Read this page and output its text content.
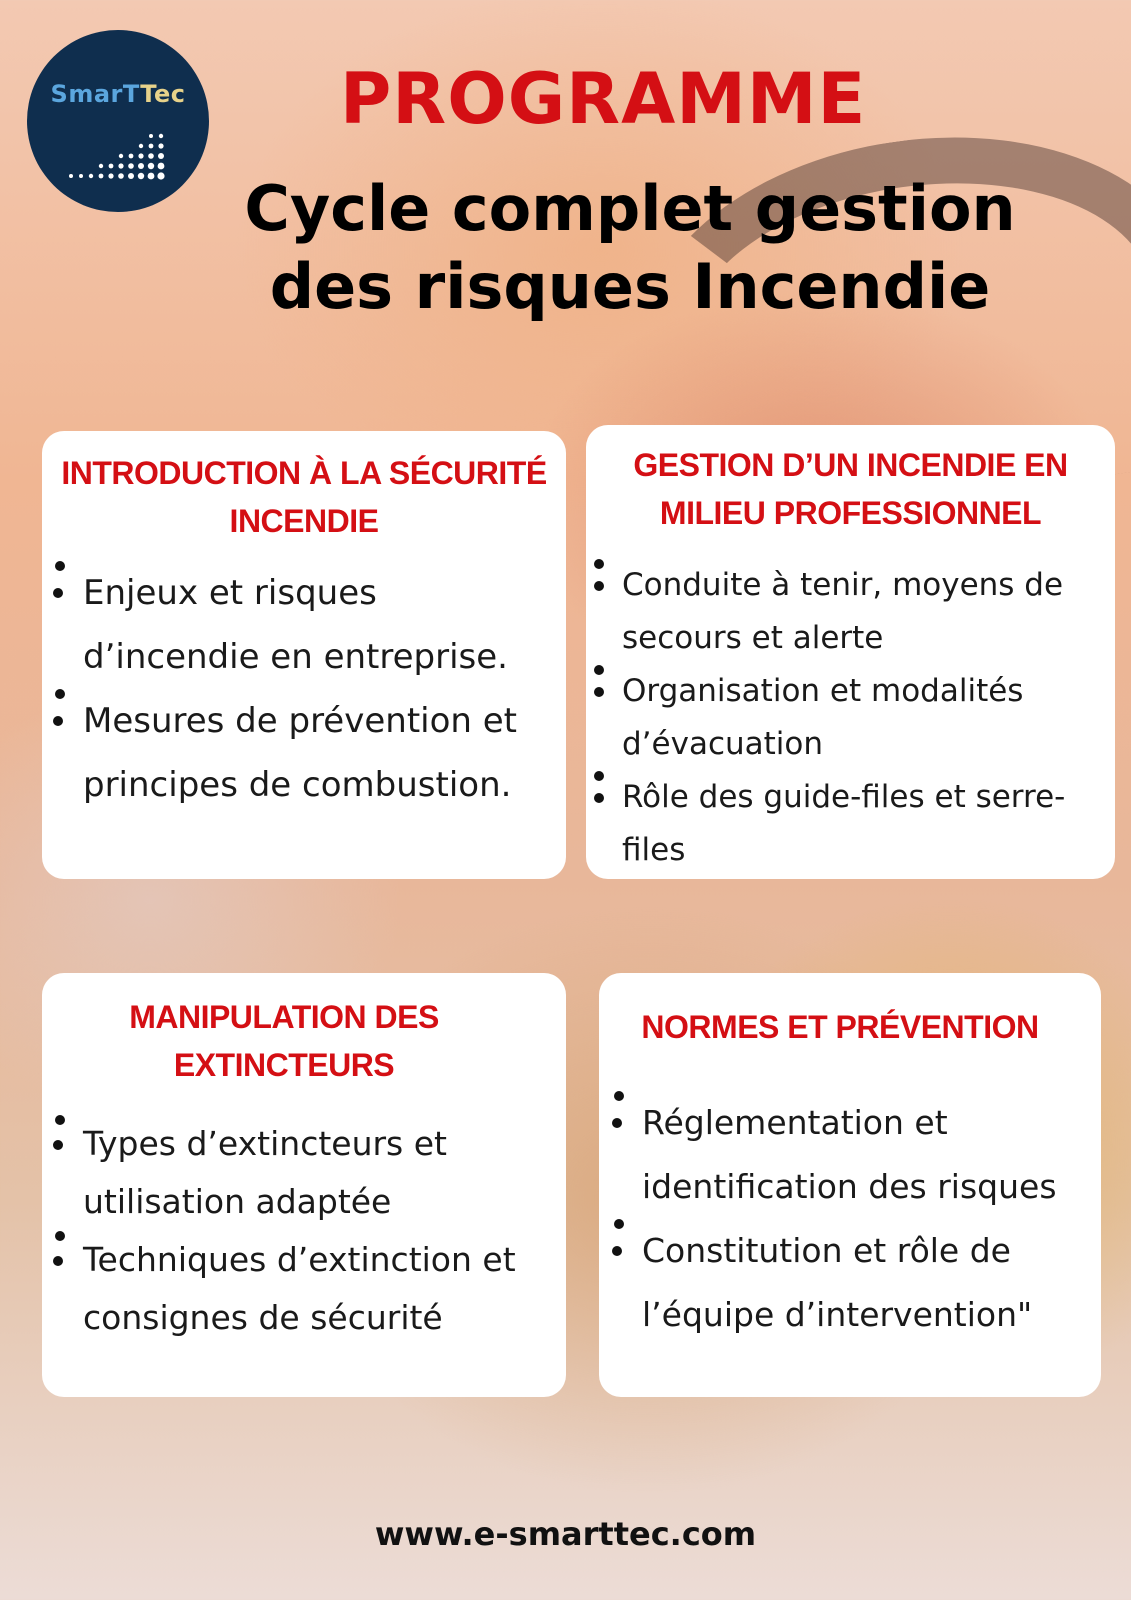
SmarTTec	PROGRAMME
Cycle complet gestion
des risques Incendie
INTRODUCTION À LA SÉCURITÉ
INCENDIE
Enjeux et risques
d’incendie en entreprise.
Mesures de prévention et
principes de combustion.
GESTION D’UN INCENDIE EN
MILIEU PROFESSIONNEL
Conduite à tenir, moyens de
secours et alerte
Organisation et modalités
d’évacuation
Rôle des guide-files et serre-
files
MANIPULATION DES
EXTINCTEURS
Types d’extincteurs et
utilisation adaptée
Techniques d’extinction et
consignes de sécurité
NORMES ET PRÉVENTION
Réglementation et
identification des risques
Constitution et rôle de
l’équipe d’intervention"
www.e-smarttec.com
